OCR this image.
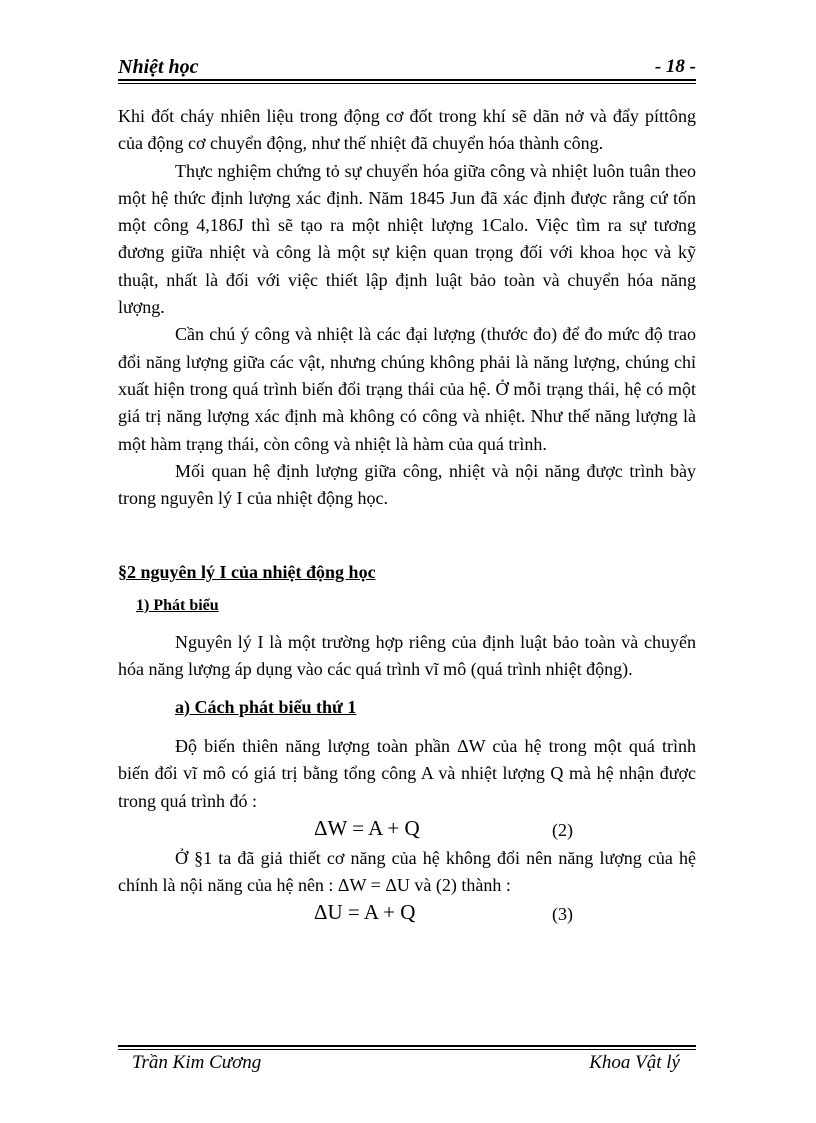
Nhiệt học	- 18 -

Khi đốt cháy nhiên liệu trong động cơ đốt trong khí sẽ dãn nở và đẩy píttông của động cơ chuyển động, như thế nhiệt đã chuyển hóa thành công.

Thực nghiệm chứng tỏ sự chuyển hóa giữa công và nhiệt luôn tuân theo một hệ thức định lượng xác định. Năm 1845 Jun đã xác định được rằng cứ tốn một công 4,186J thì sẽ tạo ra một nhiệt lượng 1Calo. Việc tìm ra sự tương đương giữa nhiệt và công là một sự kiện quan trọng đối với khoa học và kỹ thuật, nhất là đối với việc thiết lập định luật bảo toàn và chuyển hóa năng lượng.

Cần chú ý công và nhiệt là các đại lượng (thước đo) để đo mức độ trao đổi năng lượng giữa các vật, nhưng chúng không phải là năng lượng, chúng chỉ xuất hiện trong quá trình biến đổi trạng thái của hệ. Ở mỗi trạng thái, hệ có một giá trị năng lượng xác định mà không có công và nhiệt. Như thế năng lượng là một hàm trạng thái, còn công và nhiệt là hàm của quá trình.

Mối quan hệ định lượng giữa công, nhiệt và nội năng được trình bày trong nguyên lý I của nhiệt động học.

§2 nguyên lý I của nhiệt động học

1) Phát biểu

Nguyên lý I là một trường hợp riêng của định luật bảo toàn và chuyển hóa năng lượng áp dụng vào các quá trình vĩ mô (quá trình nhiệt động).

a) Cách phát biểu thứ 1

Độ biến thiên năng lượng toàn phần ΔW của hệ trong một quá trình biến đổi vĩ mô có giá trị bằng tổng công A và nhiệt lượng Q mà hệ nhận được trong quá trình đó :

ΔW = A + Q	(2)

Ở §1 ta đã giả thiết cơ năng của hệ không đổi nên năng lượng của hệ chính là nội năng của hệ nên : ΔW = ΔU và (2) thành :

ΔU = A + Q	(3)
Trần Kim Cương	Khoa Vật lý
